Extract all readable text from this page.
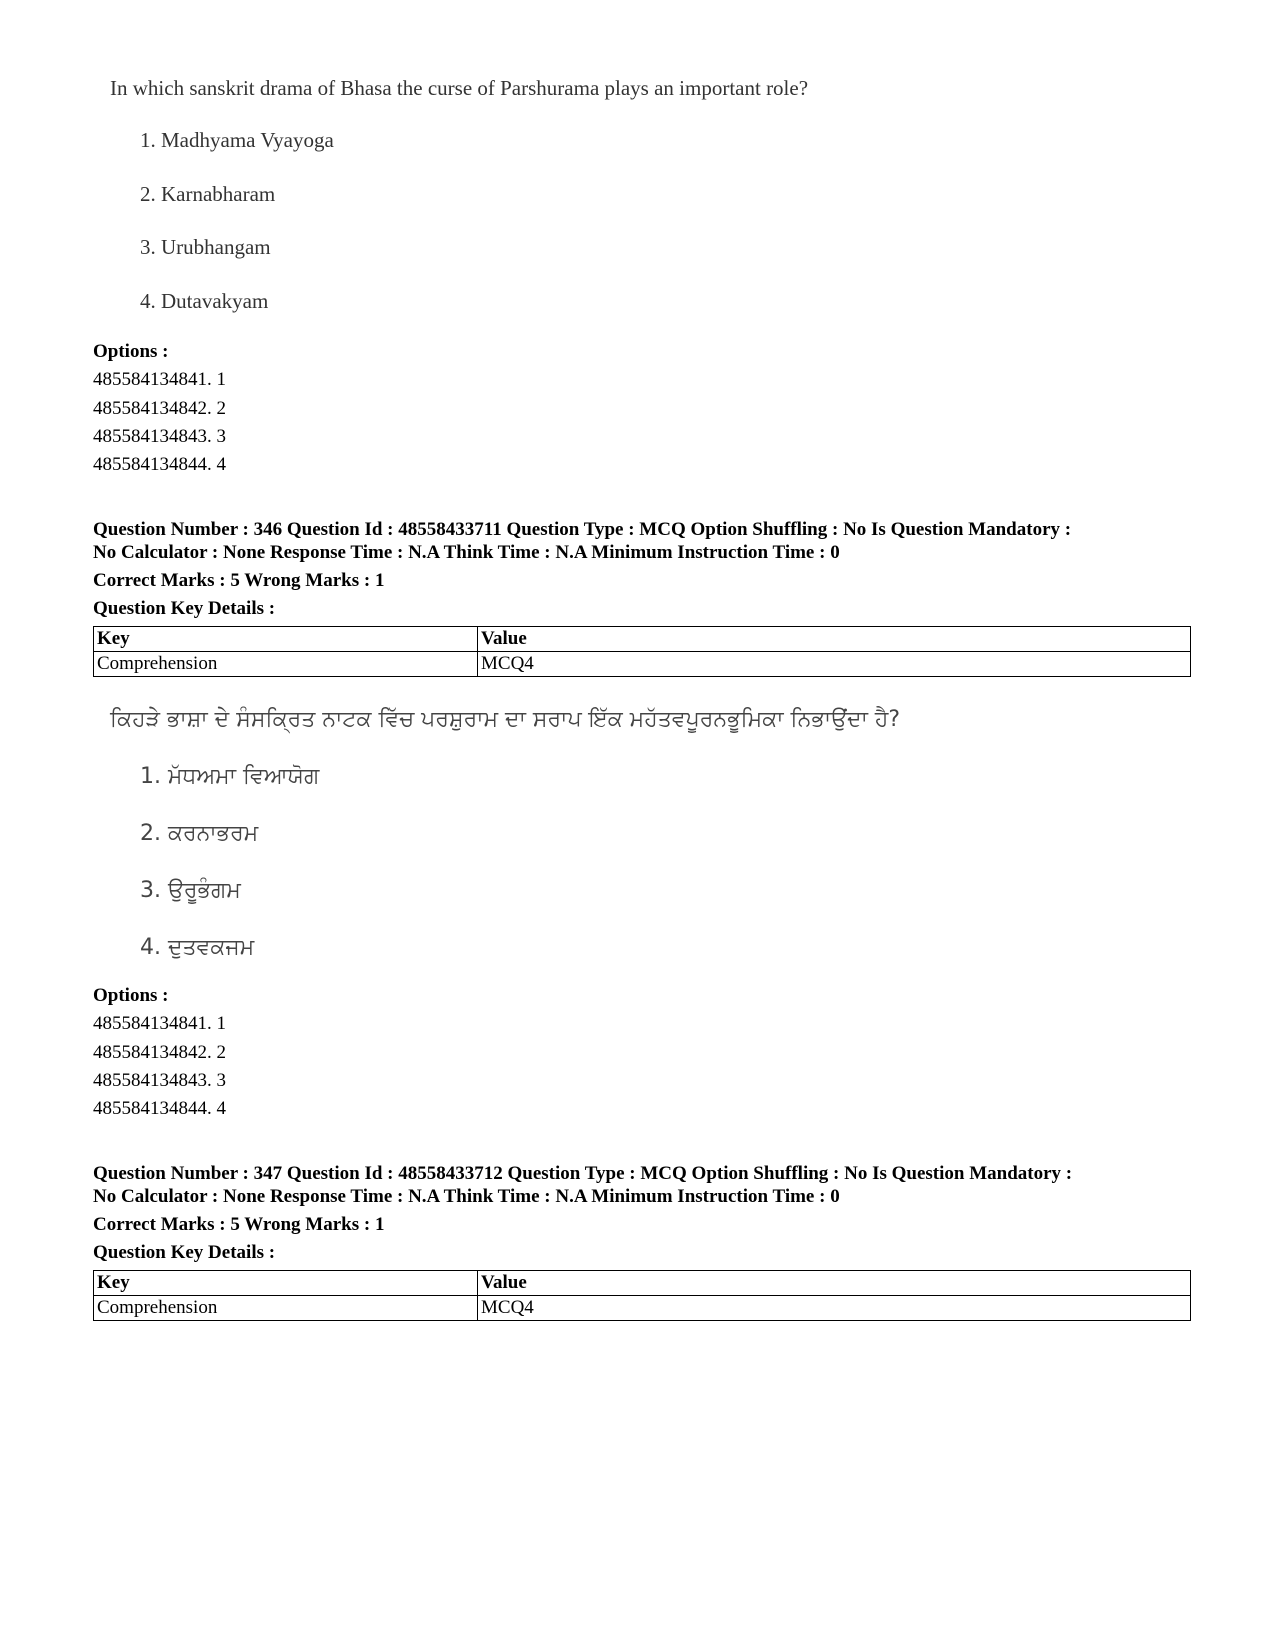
In which sanskrit drama of Bhasa the curse of Parshurama plays an important role?

1. Madhyama Vyayoga

2. Karnabharam

3. Urubhangam

4. Dutavakyam

Options :
485584134841. 1
485584134842. 2
485584134843. 3
485584134844. 4
Question Number : 346 Question Id : 48558433711 Question Type : MCQ Option Shuffling : No Is Question Mandatory :
No Calculator : None Response Time : N.A Think Time : N.A Minimum Instruction Time : 0
Correct Marks : 5 Wrong Marks : 1
Question Key Details :
Key	Value
Comprehension	MCQ4

ਕਿਹੜੇ ਭਾਸ਼ਾ ਦੇ ਸੰਸਕ੍ਰਿਤ ਨਾਟਕ ਵਿੱਚ ਪਰਸ਼ੁਰਾਮ ਦਾ ਸਰਾਪ ਇੱਕ ਮਹੱਤਵਪੂਰਨਭੂਮਿਕਾ ਨਿਭਾਉਂਦਾ ਹੈ?

1. ਮੱਧਅਮਾ ਵਿਆਯੋਗ

2. ਕਰਨਾਭਰਮ

3. ਉਰੂਭੰਗਮ

4. ਦੁਤਵਕਜਮ

Options :
485584134841. 1
485584134842. 2
485584134843. 3
485584134844. 4
Question Number : 347 Question Id : 48558433712 Question Type : MCQ Option Shuffling : No Is Question Mandatory :
No Calculator : None Response Time : N.A Think Time : N.A Minimum Instruction Time : 0
Correct Marks : 5 Wrong Marks : 1
Question Key Details :
Key	Value
Comprehension	MCQ4
